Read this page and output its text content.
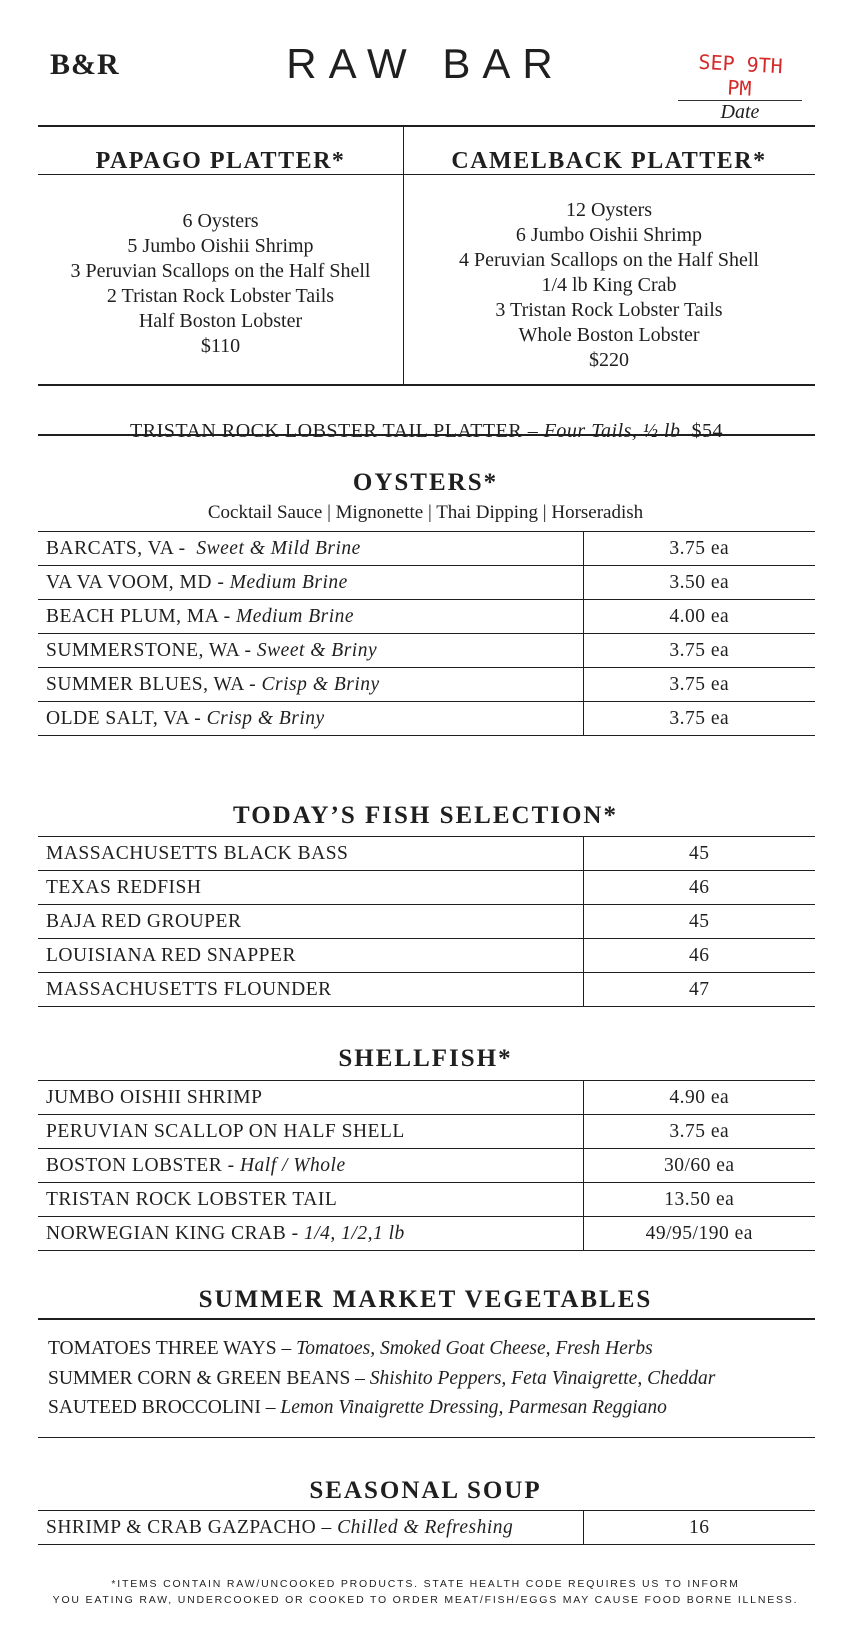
B&R	RAW BAR	SEP 9TH PM
Date
PAPAGO PLATTER*	CAMELBACK PLATTER*
6 Oysters
5 Jumbo Oishii Shrimp
3 Peruvian Scallops on the Half Shell
2 Tristan Rock Lobster Tails
Half Boston Lobster
$110
12 Oysters
6 Jumbo Oishii Shrimp
4 Peruvian Scallops on the Half Shell
1/4 lb King Crab
3 Tristan Rock Lobster Tails
Whole Boston Lobster
$220
TRISTAN ROCK LOBSTER TAIL PLATTER – Four Tails, ½ lb $54
OYSTERS*
Cocktail Sauce | Mignonette | Thai Dipping | Horseradish
BARCATS, VA - Sweet & Mild Brine	3.75 ea
VA VA VOOM, MD - Medium Brine	3.50 ea
BEACH PLUM, MA - Medium Brine	4.00 ea
SUMMERSTONE, WA - Sweet & Briny	3.75 ea
SUMMER BLUES, WA - Crisp & Briny	3.75 ea
OLDE SALT, VA - Crisp & Briny	3.75 ea
TODAY’S FISH SELECTION*
MASSACHUSETTS BLACK BASS	45
TEXAS REDFISH	46
BAJA RED GROUPER	45
LOUISIANA RED SNAPPER	46
MASSACHUSETTS FLOUNDER	47
SHELLFISH*
JUMBO OISHII SHRIMP	4.90 ea
PERUVIAN SCALLOP ON HALF SHELL	3.75 ea
BOSTON LOBSTER - Half / Whole	30/60 ea
TRISTAN ROCK LOBSTER TAIL	13.50 ea
NORWEGIAN KING CRAB - 1/4, 1/2,1 lb	49/95/190 ea
SUMMER MARKET VEGETABLES
TOMATOES THREE WAYS – Tomatoes, Smoked Goat Cheese, Fresh Herbs
SUMMER CORN & GREEN BEANS – Shishito Peppers, Feta Vinaigrette, Cheddar
SAUTEED BROCCOLINI – Lemon Vinaigrette Dressing, Parmesan Reggiano
SEASONAL SOUP
SHRIMP & CRAB GAZPACHO – Chilled & Refreshing	16
*ITEMS CONTAIN RAW/UNCOOKED PRODUCTS. STATE HEALTH CODE REQUIRES US TO INFORM
YOU EATING RAW, UNDERCOOKED OR COOKED TO ORDER MEAT/FISH/EGGS MAY CAUSE FOOD BORNE ILLNESS.
